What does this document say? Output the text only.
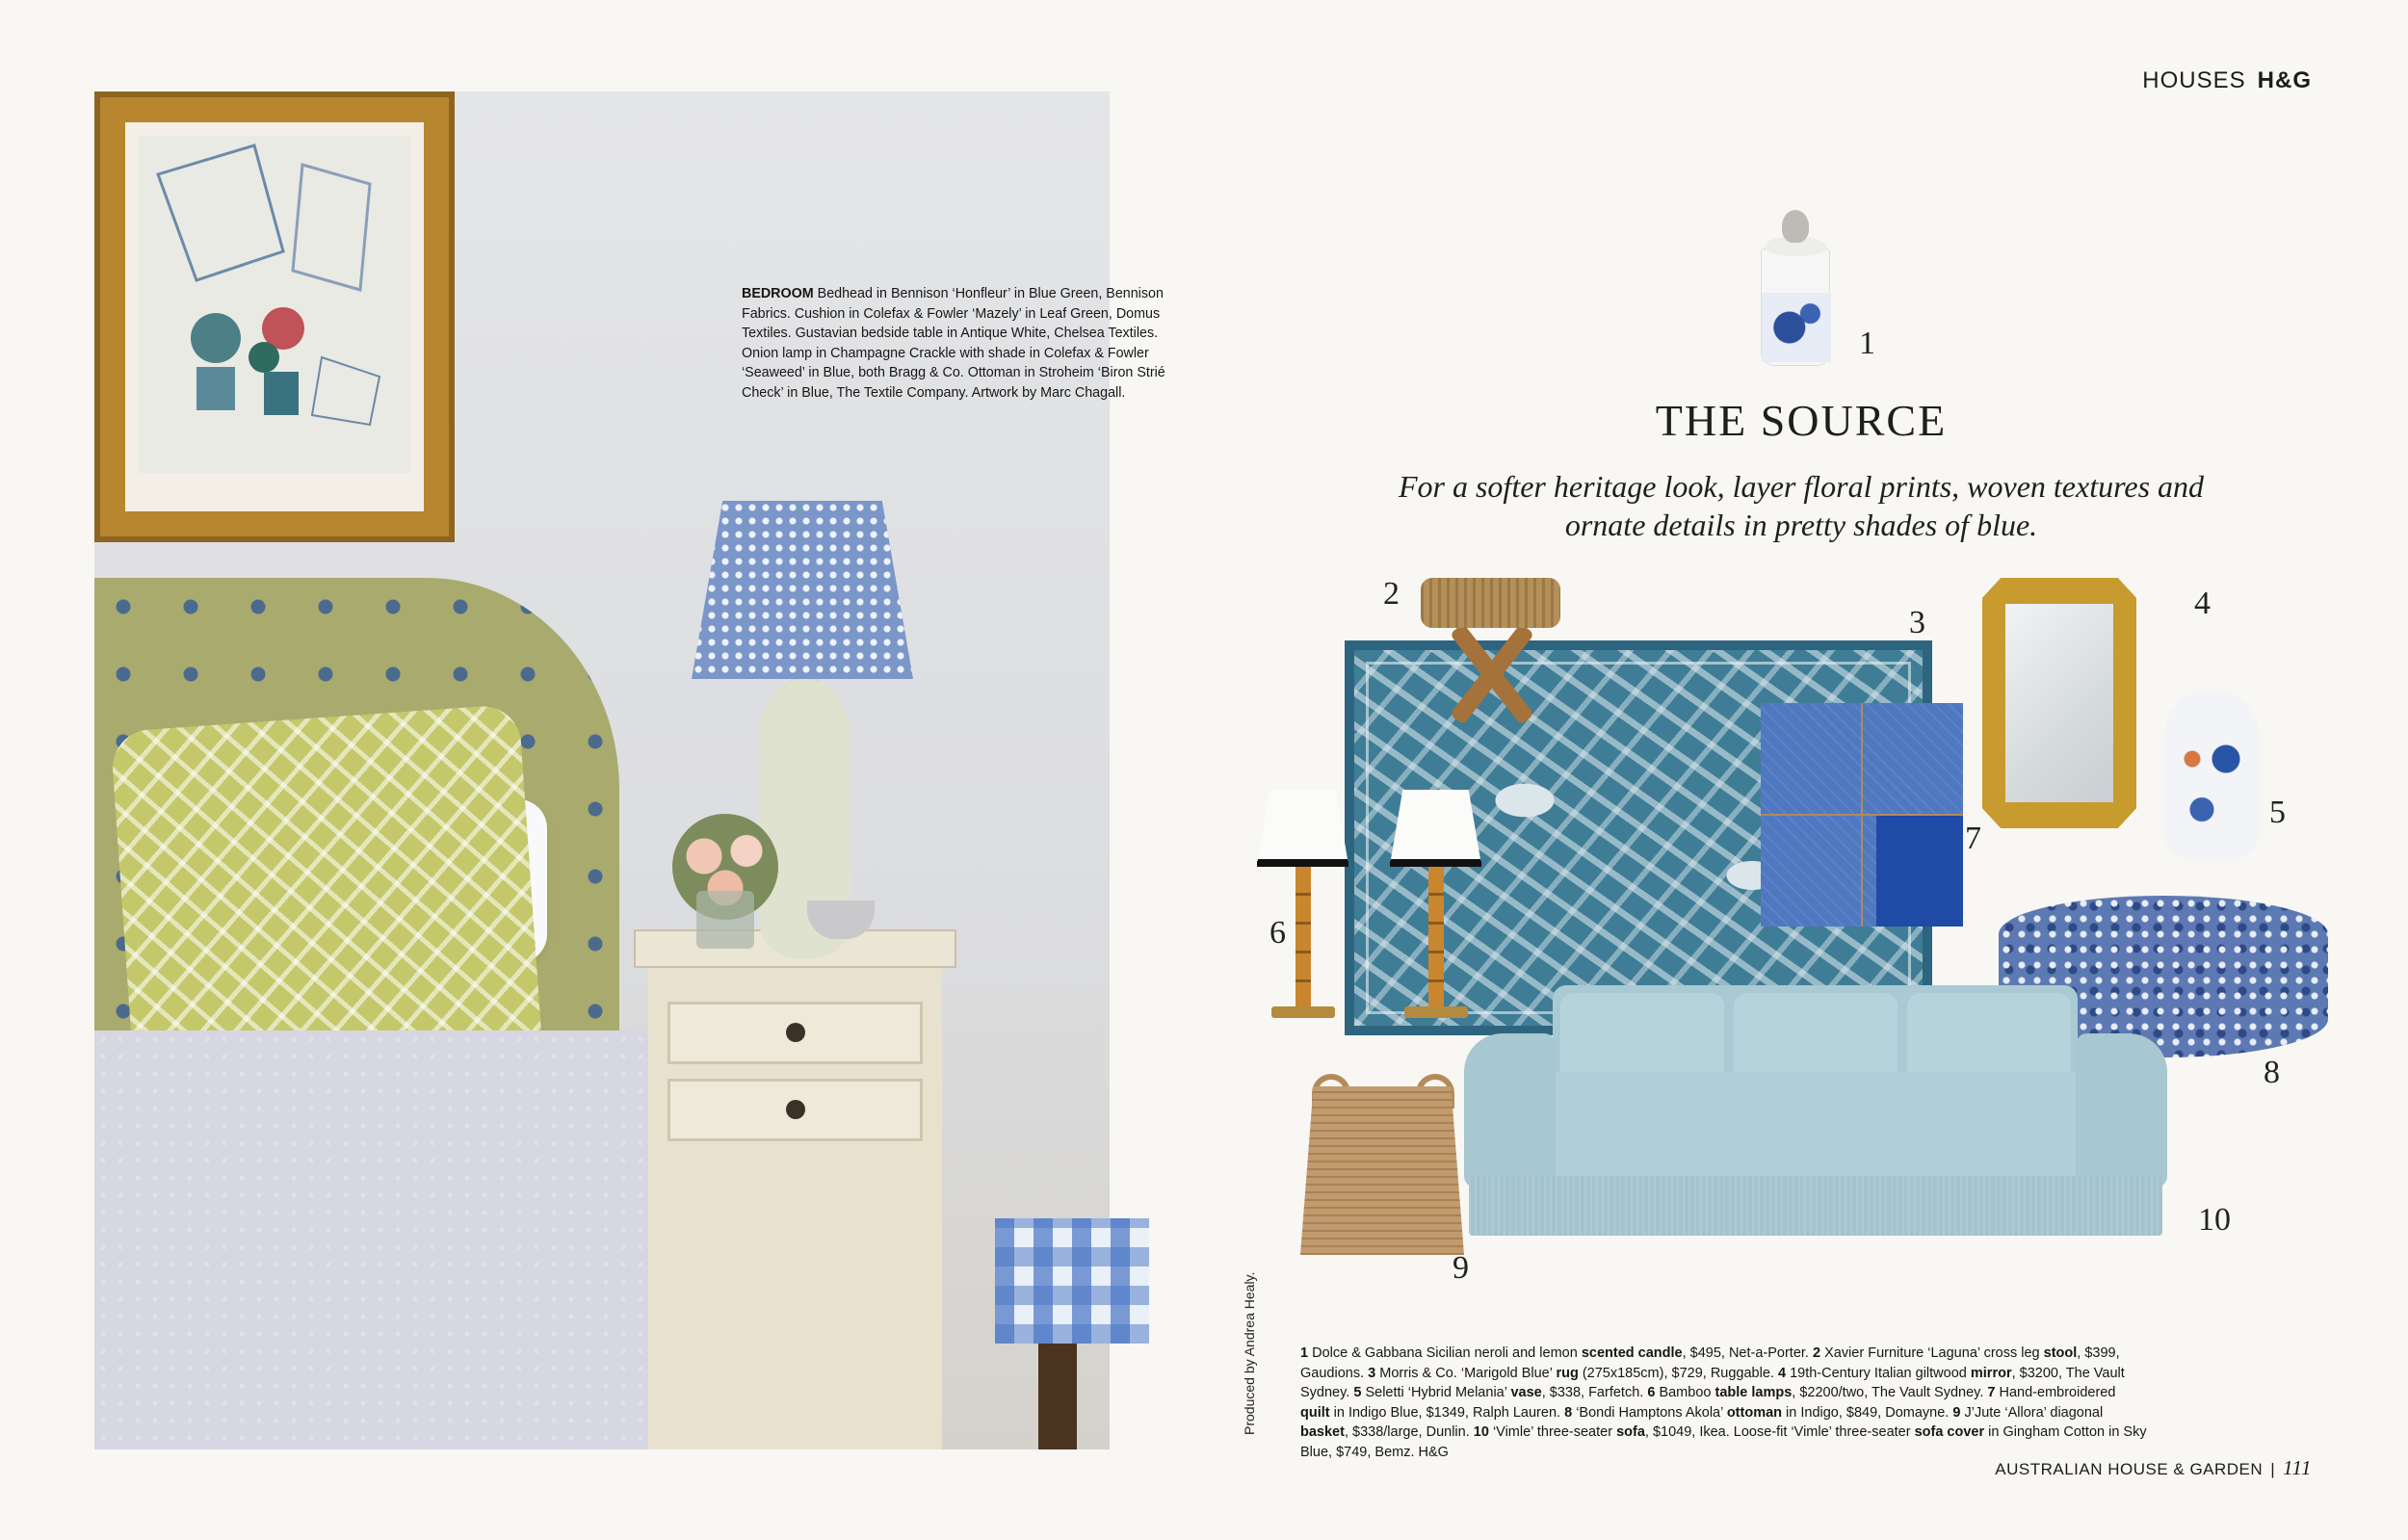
BEDROOM Bedhead in Bennison ‘Honfleur’ in Blue Green, Bennison Fabrics. Cushion in Colefax & Fowler ‘Mazely’ in Leaf Green, Domus Textiles. Gustavian bedside table in Antique White, Chelsea Textiles. Onion lamp in Champagne Crackle with shade in Colefax & Fowler ‘Seaweed’ in Blue, both Bragg & Co. Ottoman in Stroheim ‘Biron Strié Check’ in Blue, The Textile Company. Artwork by Marc Chagall.
HOUSES H&G
1
THE SOURCE
For a softer heritage look, layer floral prints, woven textures and ornate details in pretty shades of blue.
3
2
7
4
5
6
8
10
9
Produced by Andrea Healy.	1 Dolce & Gabbana Sicilian neroli and lemon scented candle, $495, Net-a-Porter. 2 Xavier Furniture ‘Laguna’ cross leg stool, $399, Gaudions. 3 Morris & Co. ‘Marigold Blue’ rug (275x185cm), $729, Ruggable. 4 19th-Century Italian giltwood mirror, $3200, The Vault Sydney. 5 Seletti ‘Hybrid Melania’ vase, $338, Farfetch. 6 Bamboo table lamps, $2200/two, The Vault Sydney. 7 Hand-embroidered quilt in Indigo Blue, $1349, Ralph Lauren. 8 ‘Bondi Hamptons Akola’ ottoman in Indigo, $849, Domayne. 9 J’Jute ‘Allora’ diagonal basket, $338/large, Dunlin. 10 ‘Vimle’ three-seater sofa, $1049, Ikea. Loose-fit ‘Vimle’ three-seater sofa cover in Gingham Cotton in Sky Blue, $749, Bemz. H&G
AUSTRALIAN HOUSE & GARDEN | 111
